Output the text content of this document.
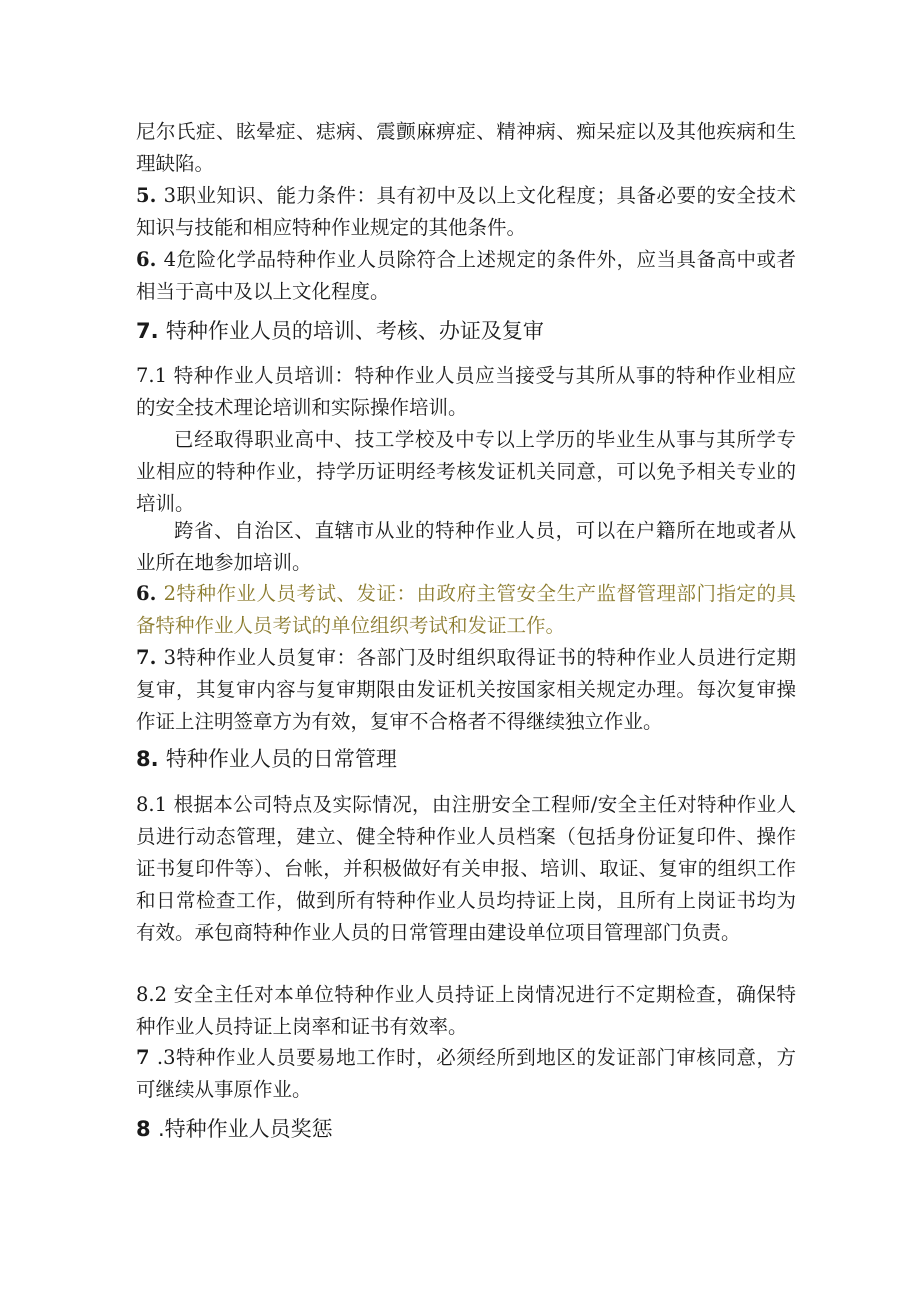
尼尔氏症、眩晕症、痣病、震颤麻痹症、精神病、痴呆症以及其他疾病和生理缺陷。

5. 3职业知识、能力条件：具有初中及以上文化程度；具备必要的安全技术知识与技能和相应特种作业规定的其他条件。

6. 4危险化学品特种作业人员除符合上述规定的条件外，应当具备高中或者相当于高中及以上文化程度。

7. 特种作业人员的培训、考核、办证及复审

7.1 特种作业人员培训：特种作业人员应当接受与其所从事的特种作业相应的安全技术理论培训和实际操作培训。

已经取得职业高中、技工学校及中专以上学历的毕业生从事与其所学专业相应的特种作业，持学历证明经考核发证机关同意，可以免予相关专业的培训。

跨省、自治区、直辖市从业的特种作业人员，可以在户籍所在地或者从业所在地参加培训。

6. 2特种作业人员考试、发证：由政府主管安全生产监督管理部门指定的具备特种作业人员考试的单位组织考试和发证工作。

7. 3特种作业人员复审：各部门及时组织取得证书的特种作业人员进行定期复审，其复审内容与复审期限由发证机关按国家相关规定办理。每次复审操作证上注明签章方为有效，复审不合格者不得继续独立作业。

8. 特种作业人员的日常管理

8.1 根据本公司特点及实际情况，由注册安全工程师/安全主任对特种作业人员进行动态管理，建立、健全特种作业人员档案（包括身份证复印件、操作证书复印件等）、台帐，并积极做好有关申报、培训、取证、复审的组织工作和日常检查工作，做到所有特种作业人员均持证上岗，且所有上岗证书均为有效。承包商特种作业人员的日常管理由建设单位项目管理部门负责。

8.2 安全主任对本单位特种作业人员持证上岗情况进行不定期检查，确保特种作业人员持证上岗率和证书有效率。

7 .3特种作业人员要易地工作时，必须经所到地区的发证部门审核同意，方可继续从事原作业。

8 .特种作业人员奖惩
